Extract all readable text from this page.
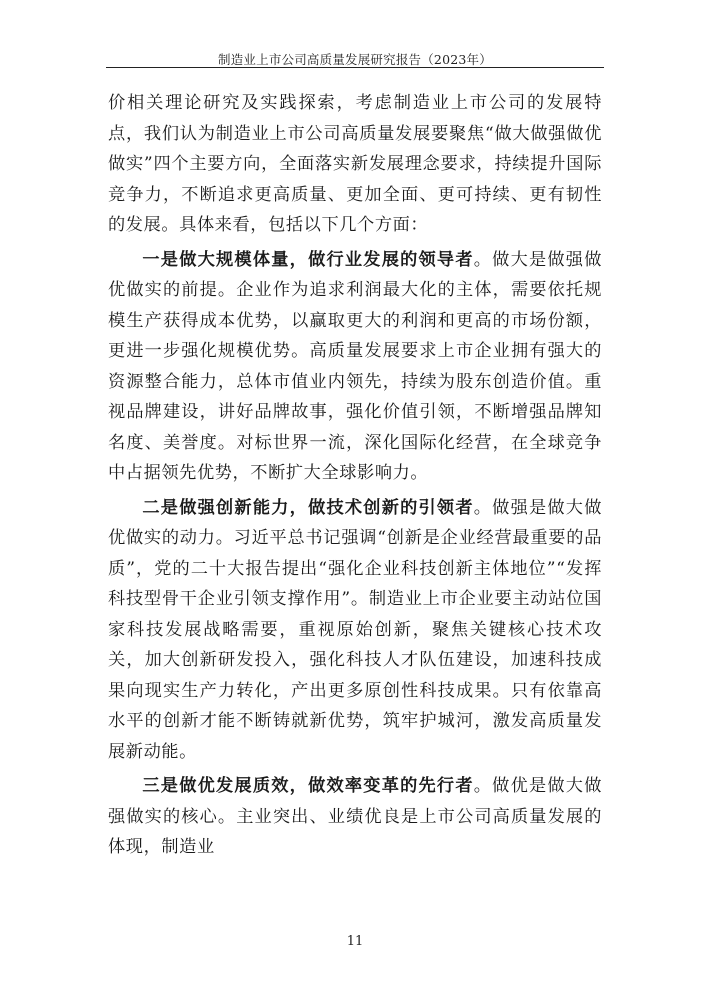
制造业上市公司高质量发展研究报告（2023年）

价相关理论研究及实践探索，考虑制造业上市公司的发展特点，我们认为制造业上市公司高质量发展要聚焦“做大做强做优做实”四个主要方向，全面落实新发展理念要求，持续提升国际竞争力，不断追求更高质量、更加全面、更可持续、更有韧性的发展。具体来看，包括以下几个方面：

一是做大规模体量，做行业发展的领导者。做大是做强做优做实的前提。企业作为追求利润最大化的主体，需要依托规模生产获得成本优势，以赢取更大的利润和更高的市场份额，更进一步强化规模优势。高质量发展要求上市企业拥有强大的资源整合能力，总体市值业内领先，持续为股东创造价值。重视品牌建设，讲好品牌故事，强化价值引领，不断增强品牌知名度、美誉度。对标世界一流，深化国际化经营，在全球竞争中占据领先优势，不断扩大全球影响力。

二是做强创新能力，做技术创新的引领者。做强是做大做优做实的动力。习近平总书记强调“创新是企业经营最重要的品质”，党的二十大报告提出“强化企业科技创新主体地位”“发挥科技型骨干企业引领支撑作用”。制造业上市企业要主动站位国家科技发展战略需要，重视原始创新，聚焦关键核心技术攻关，加大创新研发投入，强化科技人才队伍建设，加速科技成果向现实生产力转化，产出更多原创性科技成果。只有依靠高水平的创新才能不断铸就新优势，筑牢护城河，激发高质量发展新动能。

三是做优发展质效，做效率变革的先行者。做优是做大做强做实的核心。主业突出、业绩优良是上市公司高质量发展的体现，制造业

11
